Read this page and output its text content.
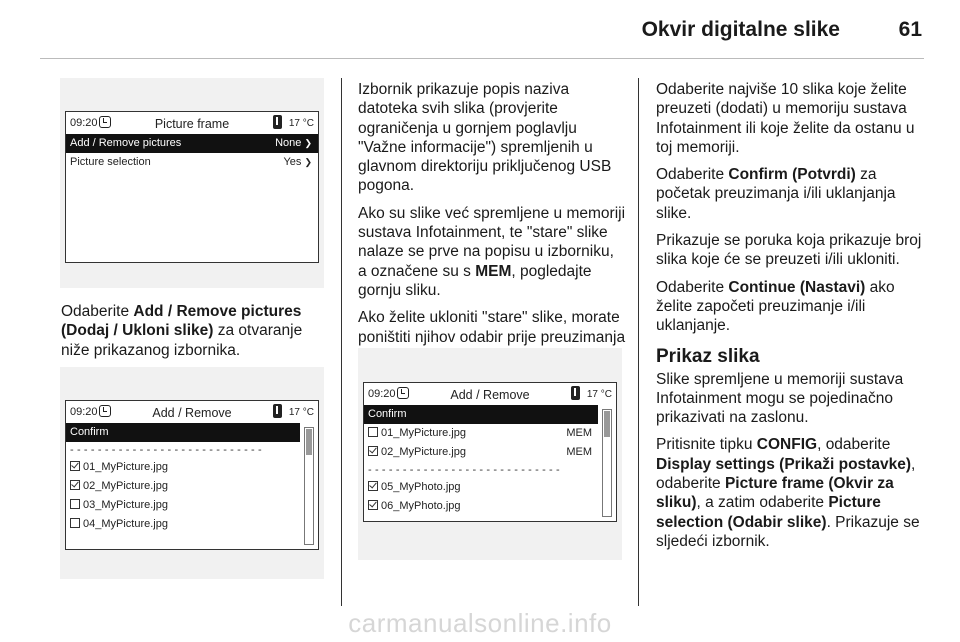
Okvir digitalne slike	61
09:20	Picture frame	17 °C
Add / Remove pictures	None ❯
Picture selection	Yes ❯

Odaberite Add / Remove pictures (Dodaj / Ukloni slike) za otvaranje niže prikazanog izbornika.

09:20	Add / Remove	17 °C
Confirm
----------------------------
01_MyPicture.jpg
02_MyPicture.jpg
03_MyPicture.jpg
04_MyPicture.jpg

Izbornik prikazuje popis naziva datoteka svih slika (provjerite ograničenja u gornjem poglavlju "Važne informacije") spremljenih u glavnom direktoriju priključenog USB pogona.

Ako su slike već spremljene u memoriji sustava Infotainment, te "stare" slike nalaze se prve na popisu u izborniku, a označene su s MEM, pogledajte gornju sliku.

Ako želite ukloniti "stare" slike, morate poništiti njihov odabir prije preuzimanja

09:20	Add / Remove	17 °C
Confirm
01_MyPicture.jpg	MEM
02_MyPicture.jpg	MEM
----------------------------
05_MyPhoto.jpg
06_MyPhoto.jpg

Odaberite najviše 10 slika koje želite preuzeti (dodati) u memoriju sustava Infotainment ili koje želite da ostanu u toj memoriji.

Odaberite Confirm (Potvrdi) za početak preuzimanja i/ili uklanjanja slike.

Prikazuje se poruka koja prikazuje broj slika koje će se preuzeti i/ili ukloniti.

Odaberite Continue (Nastavi) ako želite započeti preuzimanje i/ili uklanjanje.

Prikaz slika

Slike spremljene u memoriji sustava Infotainment mogu se pojedinačno prikazivati na zaslonu.

Pritisnite tipku CONFIG, odaberite Display settings (Prikaži postavke), odaberite Picture frame (Okvir za sliku), a zatim odaberite Picture selection (Odabir slike). Prikazuje se sljedeći izbornik.

carmanualsonline.info
